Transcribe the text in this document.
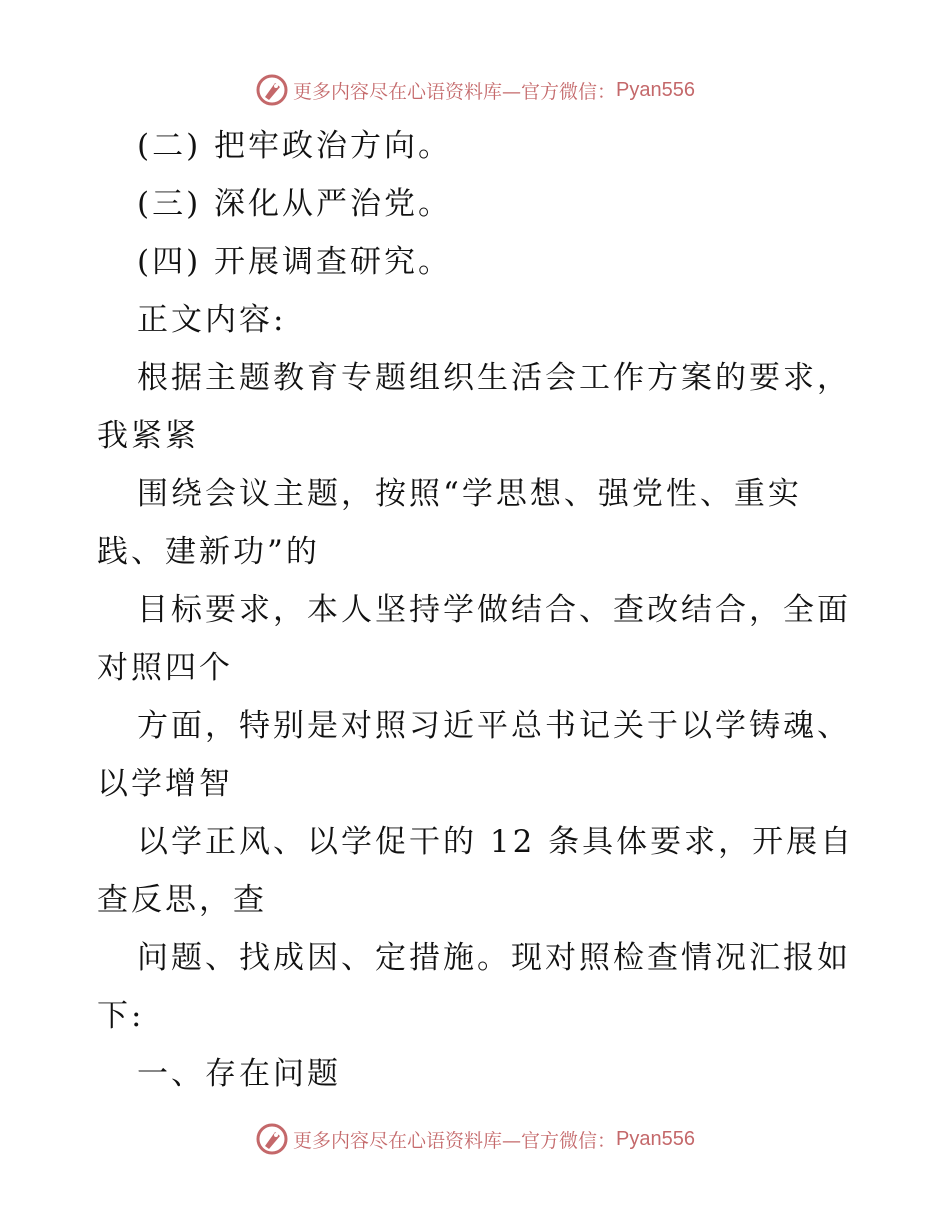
更多内容尽在心语资料库—官方微信： Pyan556
(二) 把牢政治方向。
(三) 深化从严治党。
(四) 开展调查研究。
正文内容:
根据主题教育专题组织生活会工作方案的要求，
我紧紧
围绕会议主题，按照“学思想、强党性、重实
践、建新功”的
目标要求，本人坚持学做结合、查改结合，全面
对照四个
方面，特别是对照习近平总书记关于以学铸魂、
以学增智
以学正风、以学促干的 12 条具体要求，开展自
查反思，查
问题、找成因、定措施。现对照检查情况汇报如
下:
一、存在问题
更多内容尽在心语资料库—官方微信： Pyan556
